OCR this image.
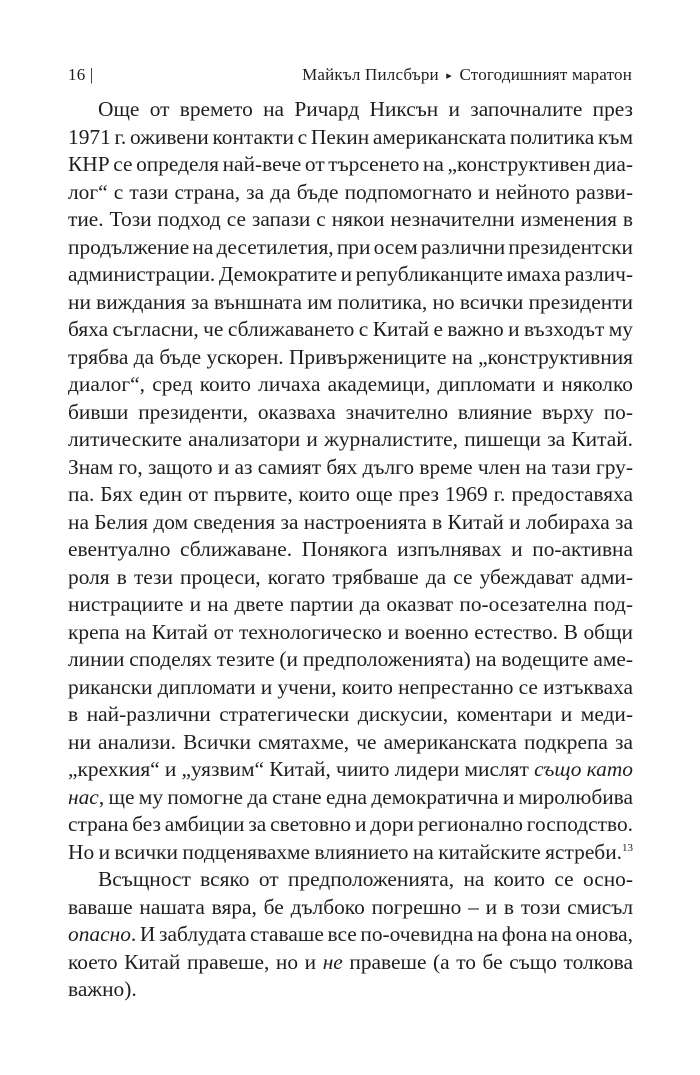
16 |	Майкъл Пилсбъри ▸ Стогодишният маратон
Още от времето на Ричард Никсън и започналите през
1971 г. оживени контакти с Пекин американската политика към
КНР се определя най-вече от търсенето на „конструктивен диа-
лог“ с тази страна, за да бъде подпомогнато и нейното разви-
тие. Този подход се запази с някои незначителни изменения в
продължение на десетилетия, при осем различни президентски
администрации. Демократите и републиканците имаха различ-
ни виждания за външната им политика, но всички президенти
бяха съгласни, че сближаването с Китай е важно и възходът му
трябва да бъде ускорен. Привържениците на „конструктивния
диалог“, сред които личаха академици, дипломати и няколко
бивши президенти, оказваха значително влияние върху по-
литическите анализатори и журналистите, пишещи за Китай.
Знам го, защото и аз самият бях дълго време член на тази гру-
па. Бях един от първите, които още през 1969 г. предоставяха
на Белия дом сведения за настроенията в Китай и лобираха за
евентуално сближаване. Понякога изпълнявах и по-активна
роля в тези процеси, когато трябваше да се убеждават адми-
нистрациите и на двете партии да оказват по-осезателна под-
крепа на Китай от технологическо и военно естество. В общи
линии споделях тезите (и предположенията) на водещите аме-
рикански дипломати и учени, които непрестанно се изтъкваха
в най-различни стратегически дискусии, коментари и меди-
ни анализи. Всички смятахме, че американската подкрепа за
„крехкия“ и „уязвим“ Китай, чиито лидери мислят също като
нас, ще му помогне да стане една демократична и миролюбива
страна без амбиции за световно и дори регионално господство.
Но и всички подценявахме влиянието на китайските ястреби.$^{13}$
Всъщност всяко от предположенията, на които се осно-
ваваше нашата вяра, бе дълбоко погрешно – и в този смисъл
опасно. И заблудата ставаше все по-очевидна на фона на онова,
което Китай правеше, но и не правеше (а то бе също толкова
важно).
